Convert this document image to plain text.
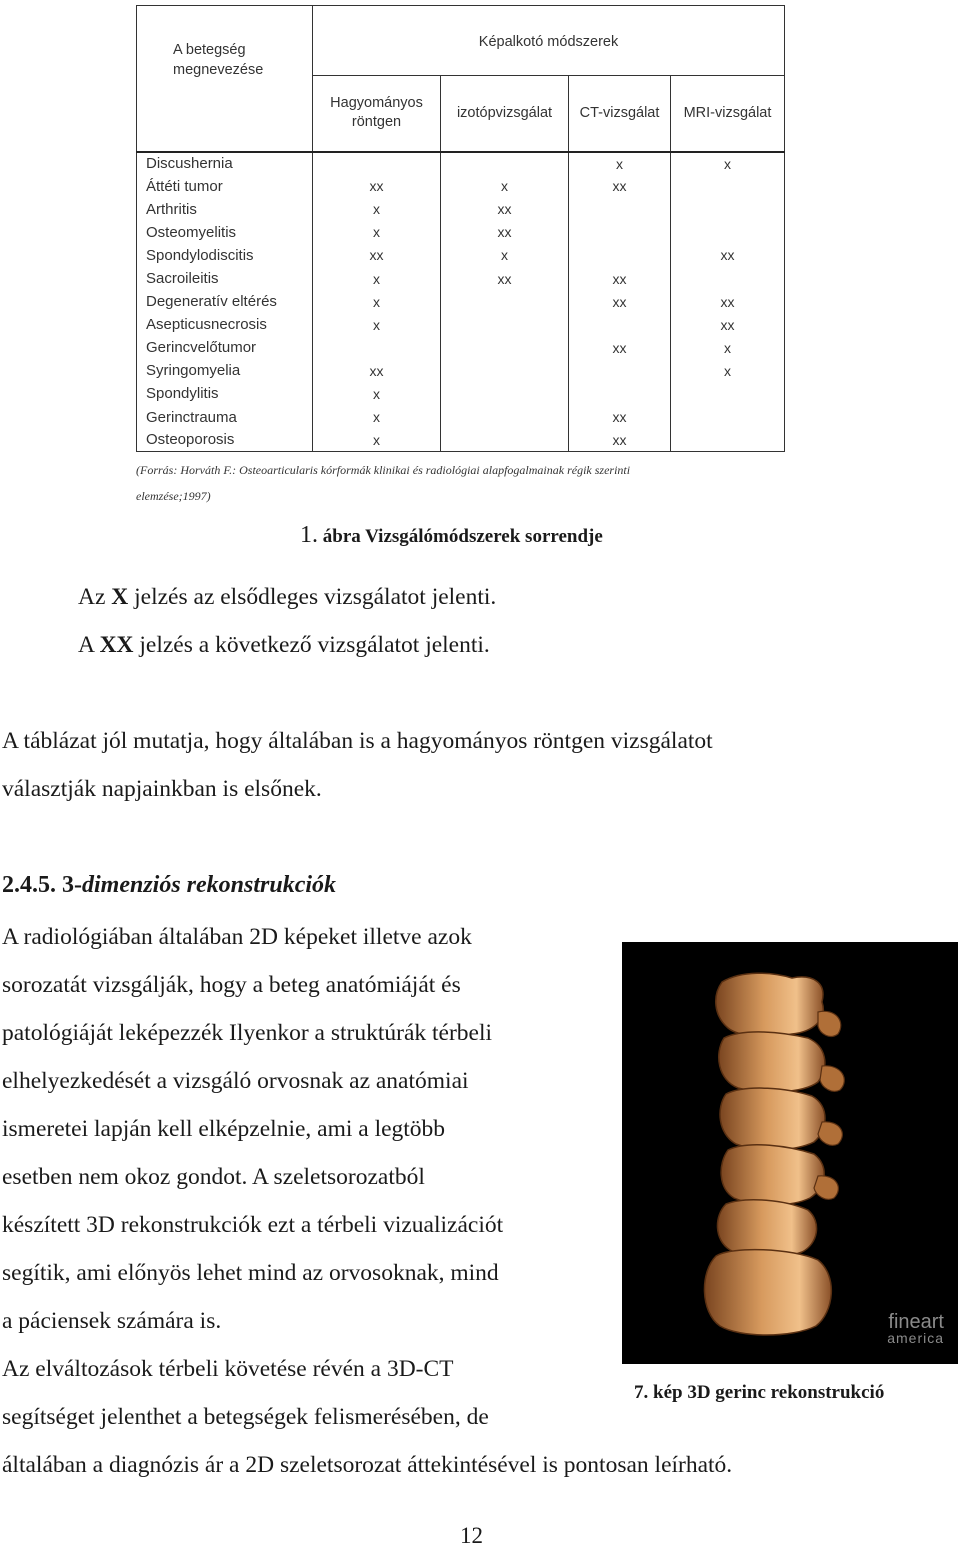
A betegség megnevezése	Képalkotó módszerek			
	Hagyományos röntgen	izotópvizsgálat	CT-vizsgálat	MRI-vizsgálat
Discushernia			x	x
Áttéti tumor	xx	x	xx	
Arthritis	x	xx		
Osteomyelitis	x	xx		
Spondylodiscitis	xx	x		xx
Sacroileitis	x	xx	xx	
Degeneratív eltérés	x		xx	xx
Asepticusnecrosis	x			xx
Gerincvelőtumor			xx	x
Syringomyelia	xx			x
Spondylitis	x			
Gerinctrauma	x		xx	
Osteoporosis	x		xx	
(Forrás: Horváth F.: Osteoarticularis kórformák klinikai és radiológiai alapfogalmainak régik szerinti
elemzése;1997)
1. ábra Vizsgálómódszerek sorrendje
Az X jelzés az elsődleges vizsgálatot jelenti.
A XX jelzés a következő vizsgálatot jelenti.
A táblázat jól mutatja, hogy általában is a hagyományos röntgen vizsgálatot
választják napjainkban is elsőnek.
2.4.5. 3-dimenziós rekonstrukciók
A radiológiában általában 2D képeket illetve azok
sorozatát vizsgálják, hogy a beteg anatómiáját és
patológiáját leképezzék Ilyenkor a struktúrák térbeli
elhelyezkedését a vizsgáló orvosnak az anatómiai
ismeretei lapján kell elképzelnie, ami a legtöbb
esetben nem okoz gondot. A szeletsorozatból
készített 3D rekonstrukciók ezt a térbeli vizualizációt
segítik, ami előnyös lehet mind az orvosoknak, mind
a páciensek számára is.
Az elváltozások térbeli követése révén a 3D-CT
segítséget jelenthet a betegségek felismerésében, de
általában a diagnózis ár a 2D szeletsorozat áttekintésével is pontosan leírható.
fineart
america
7. kép 3D gerinc rekonstrukció
12
